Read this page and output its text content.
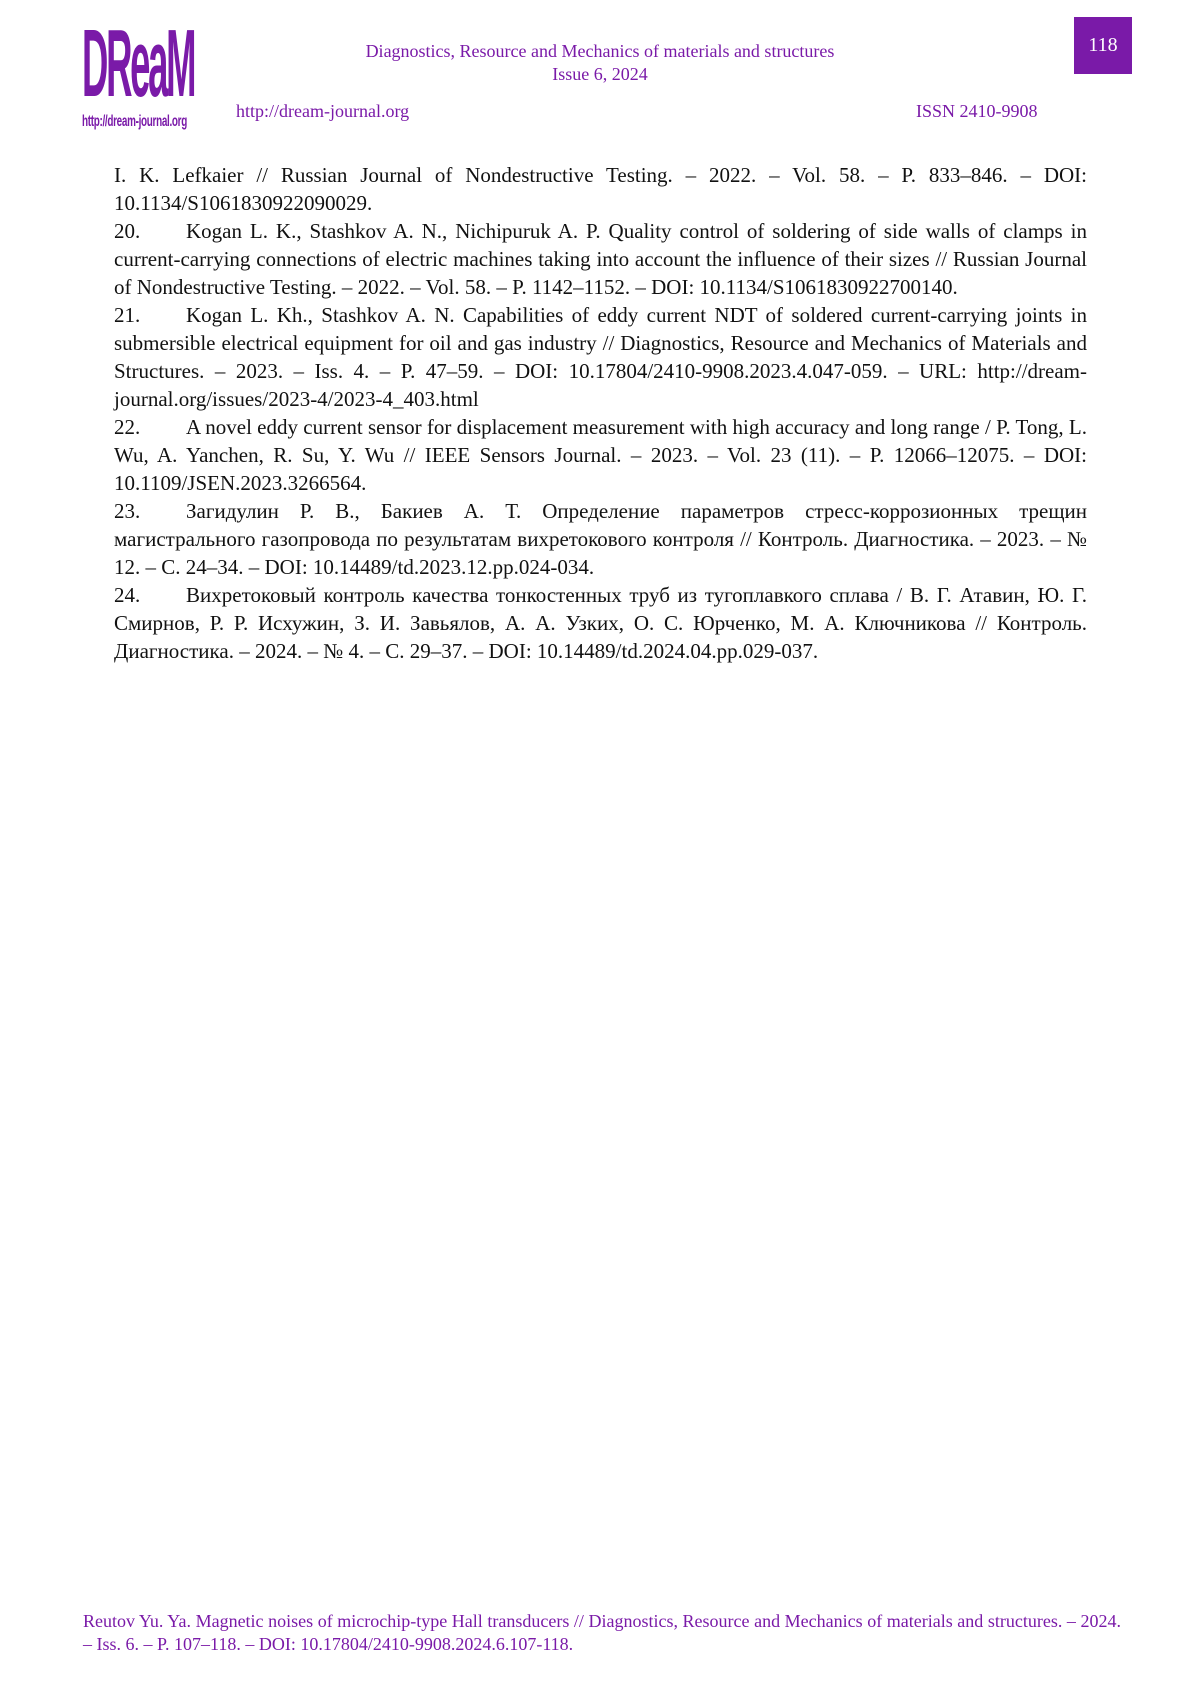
DReaM
http://dream-journal.org
Diagnostics, Resource and Mechanics of materials and structures
Issue 6, 2024
http://dream-journal.org	ISSN 2410-9908
118

I. K. Lefkaier // Russian Journal of Nondestructive Testing. – 2022. – Vol. 58. – P. 833–846. – DOI: 10.1134/S1061830922090029.

20. Kogan L. K., Stashkov A. N., Nichipuruk A. P. Quality control of soldering of side walls of clamps in current-carrying connections of electric machines taking into account the influence of their sizes // Russian Journal of Nondestructive Testing. – 2022. – Vol. 58. – P. 1142–1152. – DOI: 10.1134/S1061830922700140.

21. Kogan L. Kh., Stashkov A. N. Capabilities of eddy current NDT of soldered current-carrying joints in submersible electrical equipment for oil and gas industry // Diagnostics, Resource and Mechanics of Materials and Structures. – 2023. – Iss. 4. – P. 47–59. – DOI: 10.17804/2410-9908.2023.4.047-059. – URL: http://dream-journal.org/issues/2023-4/2023-4_403.html

22. A novel eddy current sensor for displacement measurement with high accuracy and long range / P. Tong, L. Wu, A. Yanchen, R. Su, Y. Wu // IEEE Sensors Journal. – 2023. – Vol. 23 (11). – P. 12066–12075. – DOI: 10.1109/JSEN.2023.3266564.

23. Загидулин Р. В., Бакиев А. Т. Определение параметров стресс-коррозионных трещин магистрального газопровода по результатам вихретокового контроля // Контроль. Диагностика. – 2023. – № 12. – С. 24–34. – DOI: 10.14489/td.2023.12.pp.024-034.

24. Вихретоковый контроль качества тонкостенных труб из тугоплавкого сплава / В. Г. Атавин, Ю. Г. Смирнов, Р. Р. Исхужин, З. И. Завьялов, А. А. Узких, О. С. Юрченко, М. А. Ключникова // Контроль. Диагностика. – 2024. – № 4. – С. 29–37. – DOI: 10.14489/td.2024.04.pp.029-037.

Reutov Yu. Ya. Magnetic noises of microchip-type Hall transducers // Diagnostics, Resource and Mechanics of materials and structures. – 2024. – Iss. 6. – P. 107–118. – DOI: 10.17804/2410-9908.2024.6.107-118.
